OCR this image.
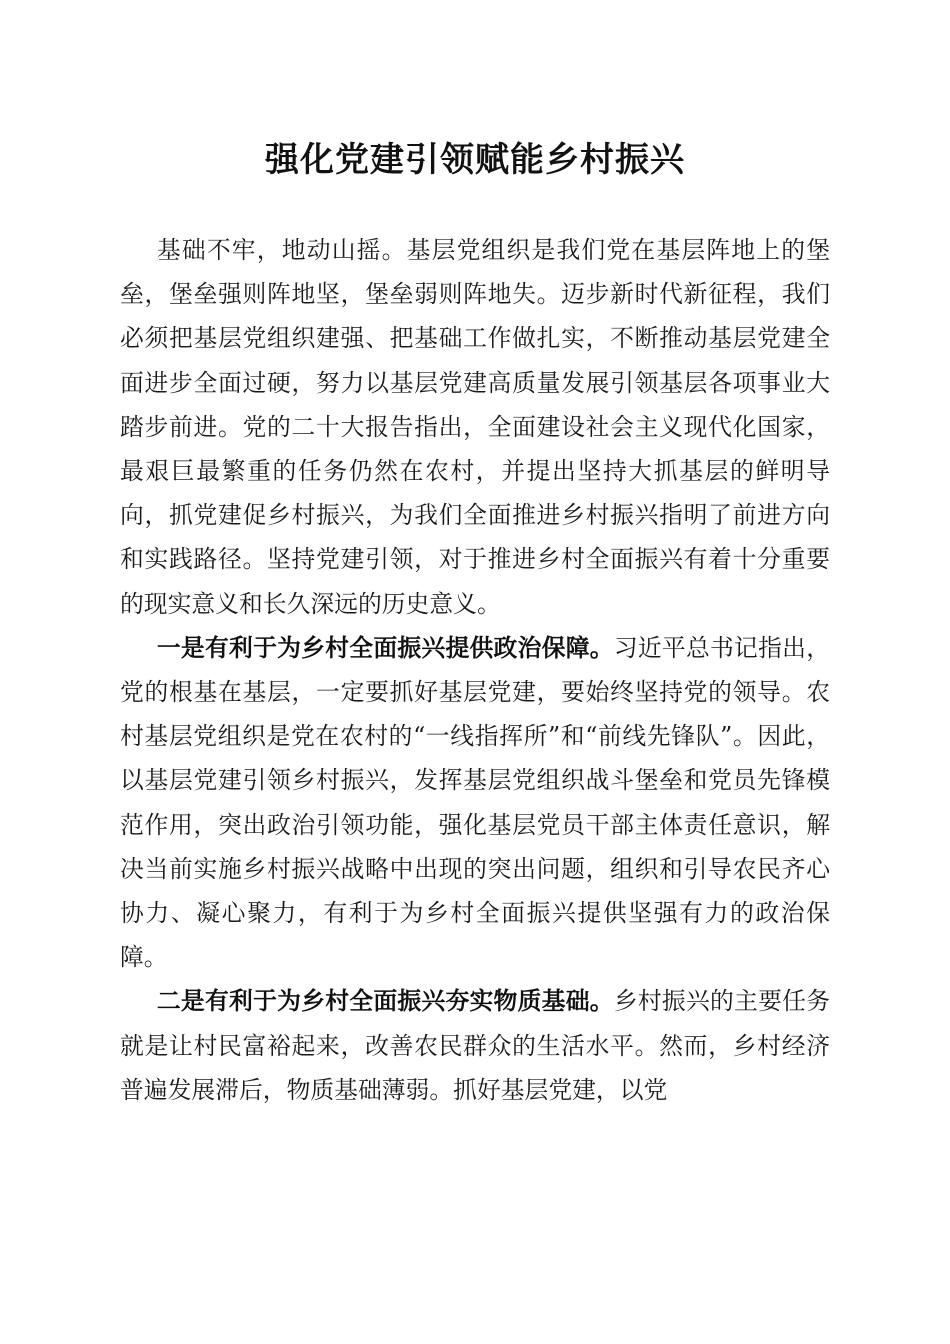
强化党建引领赋能乡村振兴

基础不牢，地动山摇。基层党组织是我们党在基层阵地上的堡垒，堡垒强则阵地坚，堡垒弱则阵地失。迈步新时代新征程，我们必须把基层党组织建强、把基础工作做扎实，不断推动基层党建全面进步全面过硬，努力以基层党建高质量发展引领基层各项事业大踏步前进。党的二十大报告指出，全面建设社会主义现代化国家，最艰巨最繁重的任务仍然在农村，并提出坚持大抓基层的鲜明导向，抓党建促乡村振兴，为我们全面推进乡村振兴指明了前进方向和实践路径。坚持党建引领，对于推进乡村全面振兴有着十分重要的现实意义和长久深远的历史意义。

一是有利于为乡村全面振兴提供政治保障。习近平总书记指出，党的根基在基层，一定要抓好基层党建，要始终坚持党的领导。农村基层党组织是党在农村的“一线指挥所”和“前线先锋队”。因此，以基层党建引领乡村振兴，发挥基层党组织战斗堡垒和党员先锋模范作用，突出政治引领功能，强化基层党员干部主体责任意识，解决当前实施乡村振兴战略中出现的突出问题，组织和引导农民齐心协力、凝心聚力，有利于为乡村全面振兴提供坚强有力的政治保障。

二是有利于为乡村全面振兴夯实物质基础。乡村振兴的主要任务就是让村民富裕起来，改善农民群众的生活水平。然而，乡村经济普遍发展滞后，物质基础薄弱。抓好基层党建，以党
